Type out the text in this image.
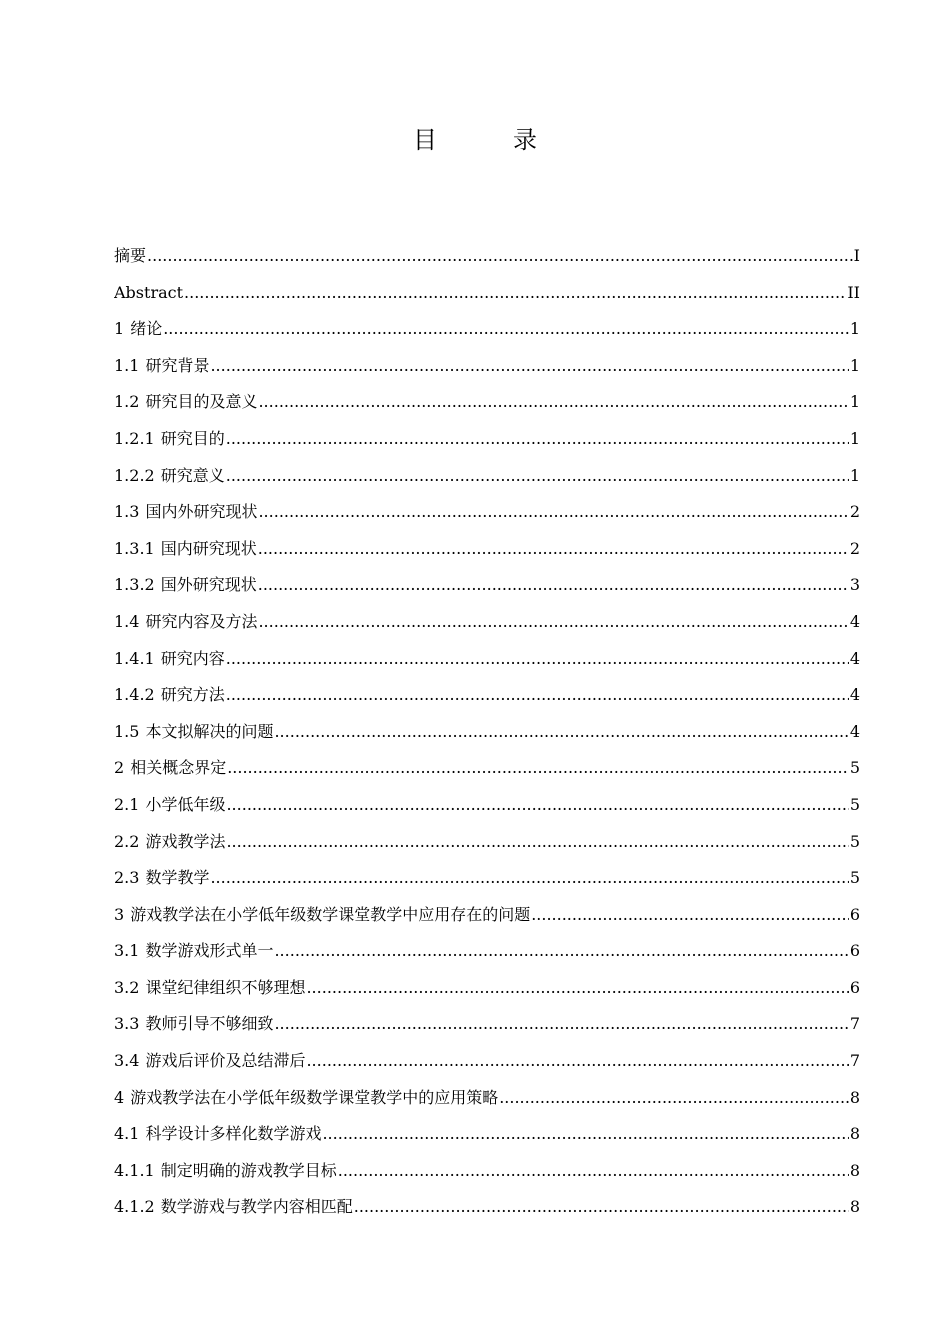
目　录
摘要 .....	I
Abstract .....	II
1 绪论 .....	1
1.1 研究背景 .....	1
1.2 研究目的及意义 .....	1
1.2.1 研究目的 .....	1
1.2.2 研究意义 .....	1
1.3 国内外研究现状 .....	2
1.3.1 国内研究现状 .....	2
1.3.2 国外研究现状 .....	3
1.4 研究内容及方法 .....	4
1.4.1 研究内容 .....	4
1.4.2 研究方法 .....	4
1.5 本文拟解决的问题 .....	4
2 相关概念界定 .....	5
2.1 小学低年级 .....	5
2.2 游戏教学法 .....	5
2.3 数学教学 .....	5
3 游戏教学法在小学低年级数学课堂教学中应用存在的问题 .....	6
3.1 数学游戏形式单一 .....	6
3.2 课堂纪律组织不够理想 .....	6
3.3 教师引导不够细致 .....	7
3.4 游戏后评价及总结滞后 .....	7
4 游戏教学法在小学低年级数学课堂教学中的应用策略 .....	8
4.1 科学设计多样化数学游戏 .....	8
4.1.1 制定明确的游戏教学目标 .....	8
4.1.2 数学游戏与教学内容相匹配 .....	8
